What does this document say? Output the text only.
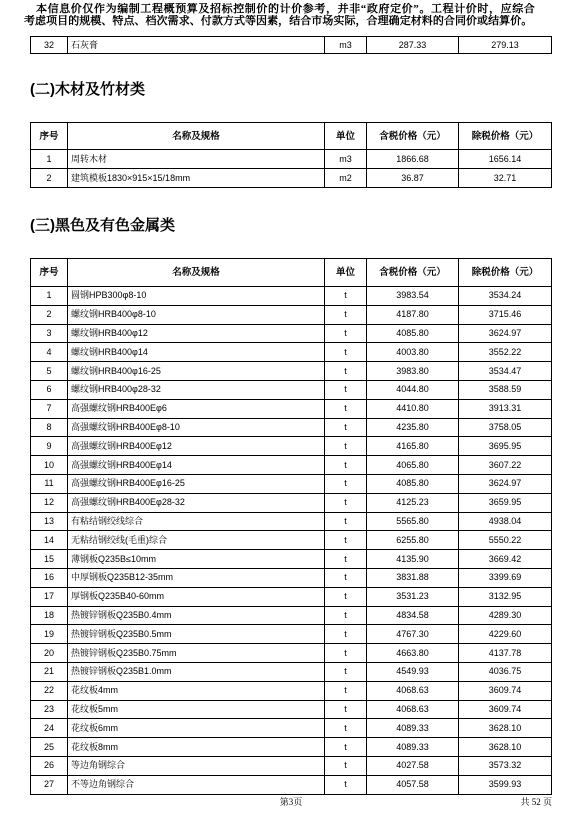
本信息价仅作为编制工程概预算及招标控制价的计价参考，并非“政府定价”。工程计价时，应综合
考虑项目的规模、特点、档次需求、付款方式等因素，结合市场实际，合理确定材料的合同价或结算价。
32	石灰膏	m3	287.33	279.13
(二)木材及竹材类
序号	名称及规格	单位	含税价格（元）	除税价格（元）
1	周转木材	m3	1866.68	1656.14
2	建筑模板1830×915×15/18mm	m2	36.87	32.71
(三)黑色及有色金属类
序号	名称及规格	单位	含税价格（元）	除税价格（元）
1	圆钢HPB300φ8-10	t	3983.54	3534.24
2	螺纹钢HRB400φ8-10	t	4187.80	3715.46
3	螺纹钢HRB400φ12	t	4085.80	3624.97
4	螺纹钢HRB400φ14	t	4003.80	3552.22
5	螺纹钢HRB400φ16-25	t	3983.80	3534.47
6	螺纹钢HRB400φ28-32	t	4044.80	3588.59
7	高强螺纹钢HRB400Eφ6	t	4410.80	3913.31
8	高强螺纹钢HRB400Eφ8-10	t	4235.80	3758.05
9	高强螺纹钢HRB400Eφ12	t	4165.80	3695.95
10	高强螺纹钢HRB400Eφ14	t	4065.80	3607.22
11	高强螺纹钢HRB400Eφ16-25	t	4085.80	3624.97
12	高强螺纹钢HRB400Eφ28-32	t	4125.23	3659.95
13	有粘结钢绞线综合	t	5565.80	4938.04
14	无粘结钢绞线(毛重)综合	t	6255.80	5550.22
15	薄钢板Q235B≤10mm	t	4135.90	3669.42
16	中厚钢板Q235B12-35mm	t	3831.88	3399.69
17	厚钢板Q235B40-60mm	t	3531.23	3132.95
18	热镀锌钢板Q235B0.4mm	t	4834.58	4289.30
19	热镀锌钢板Q235B0.5mm	t	4767.30	4229.60
20	热镀锌钢板Q235B0.75mm	t	4663.80	4137.78
21	热镀锌钢板Q235B1.0mm	t	4549.93	4036.75
22	花纹板4mm	t	4068.63	3609.74
23	花纹板5mm	t	4068.63	3609.74
24	花纹板6mm	t	4089.33	3628.10
25	花纹板8mm	t	4089.33	3628.10
26	等边角钢综合	t	4027.58	3573.32
27	不等边角钢综合	t	4057.58	3599.93
第3页	共 52 页
